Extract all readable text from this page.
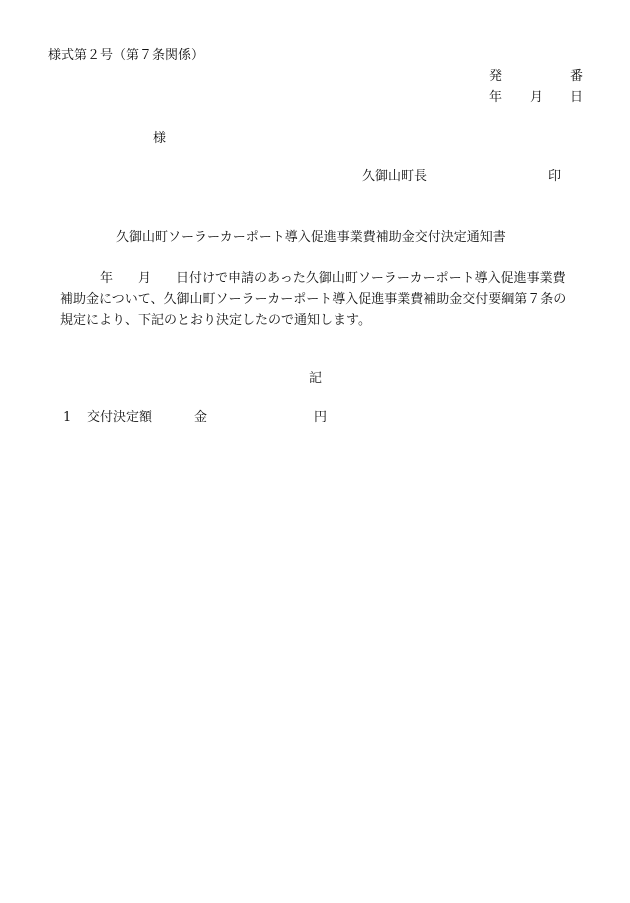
様式第２号（第７条関係）
発	番
年 月 日
様
久御山町長	印
久御山町ソーラーカーポート導入促進事業費補助金交付決定通知書
年 月 日付けで申請のあった久御山町ソーラーカーポート導入促進事業費
補助金について、久御山町ソーラーカーポート導入促進事業費補助金交付要綱第７条の
規定により、下記のとおり決定したので通知します。
記
1 交付決定額	金	円
